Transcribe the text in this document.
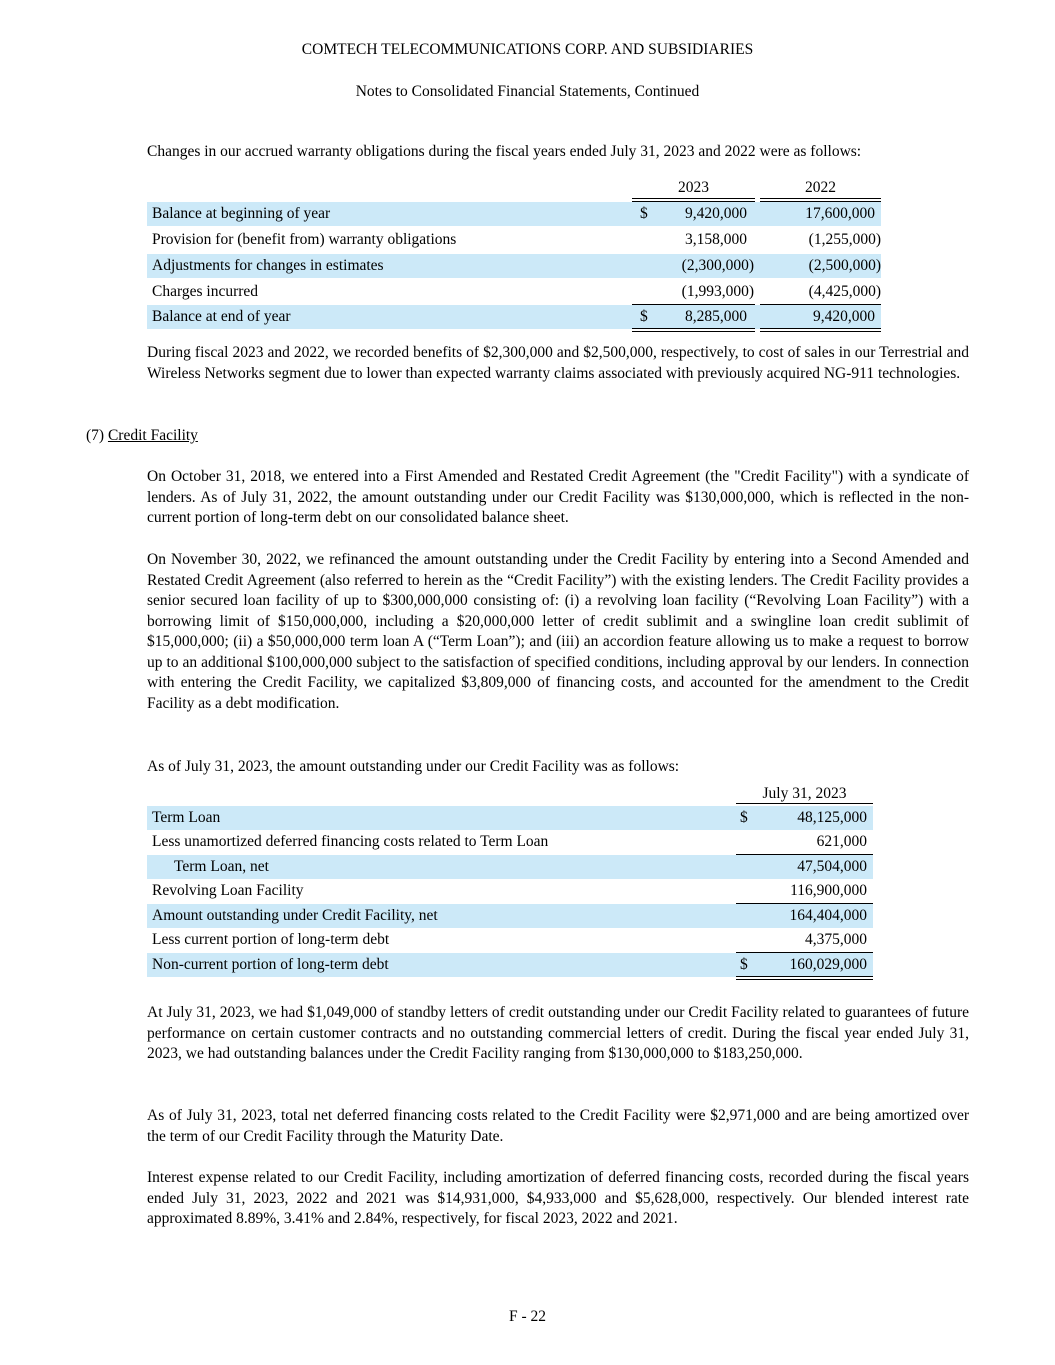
COMTECH TELECOMMUNICATIONS CORP. AND SUBSIDIARIES
Notes to Consolidated Financial Statements, Continued
Changes in our accrued warranty obligations during the fiscal years ended July 31, 2023 and 2022 were as follows:
2023	2022
Balance at beginning of year	$	9,420,000	17,600,000
Provision for (benefit from) warranty obligations	3,158,000	(1,255,000)
Adjustments for changes in estimates	(2,300,000)	(2,500,000)
Charges incurred	(1,993,000)	(4,425,000)
Balance at end of year	$	8,285,000	9,420,000
During fiscal 2023 and 2022, we recorded benefits of $2,300,000 and $2,500,000, respectively, to cost of sales in our Terrestrial and Wireless Networks segment due to lower than expected warranty claims associated with previously acquired NG-911 technologies.
(7) Credit Facility
On October 31, 2018, we entered into a First Amended and Restated Credit Agreement (the "Credit Facility") with a syndicate of lenders. As of July 31, 2022, the amount outstanding under our Credit Facility was $130,000,000, which is reflected in the non-current portion of long-term debt on our consolidated balance sheet.
On November 30, 2022, we refinanced the amount outstanding under the Credit Facility by entering into a Second Amended and Restated Credit Agreement (also referred to herein as the “Credit Facility”) with the existing lenders. The Credit Facility provides a senior secured loan facility of up to $300,000,000 consisting of: (i) a revolving loan facility (“Revolving Loan Facility”) with a borrowing limit of $150,000,000, including a $20,000,000 letter of credit sublimit and a swingline loan credit sublimit of $15,000,000; (ii) a $50,000,000 term loan A (“Term Loan”); and (iii) an accordion feature allowing us to make a request to borrow up to an additional $100,000,000 subject to the satisfaction of specified conditions, including approval by our lenders. In connection with entering the Credit Facility, we capitalized $3,809,000 of financing costs, and accounted for the amendment to the Credit Facility as a debt modification.
As of July 31, 2023, the amount outstanding under our Credit Facility was as follows:
July 31, 2023
Term Loan	$	48,125,000
Less unamortized deferred financing costs related to Term Loan	621,000
Term Loan, net	47,504,000
Revolving Loan Facility	116,900,000
Amount outstanding under Credit Facility, net	164,404,000
Less current portion of long-term debt	4,375,000
Non-current portion of long-term debt	$	160,029,000
At July 31, 2023, we had $1,049,000 of standby letters of credit outstanding under our Credit Facility related to guarantees of future performance on certain customer contracts and no outstanding commercial letters of credit. During the fiscal year ended July 31, 2023, we had outstanding balances under the Credit Facility ranging from $130,000,000 to $183,250,000.
As of July 31, 2023, total net deferred financing costs related to the Credit Facility were $2,971,000 and are being amortized over the term of our Credit Facility through the Maturity Date.
Interest expense related to our Credit Facility, including amortization of deferred financing costs, recorded during the fiscal years ended July 31, 2023, 2022 and 2021 was $14,931,000, $4,933,000 and $5,628,000, respectively. Our blended interest rate approximated 8.89%, 3.41% and 2.84%, respectively, for fiscal 2023, 2022 and 2021.
F - 22
